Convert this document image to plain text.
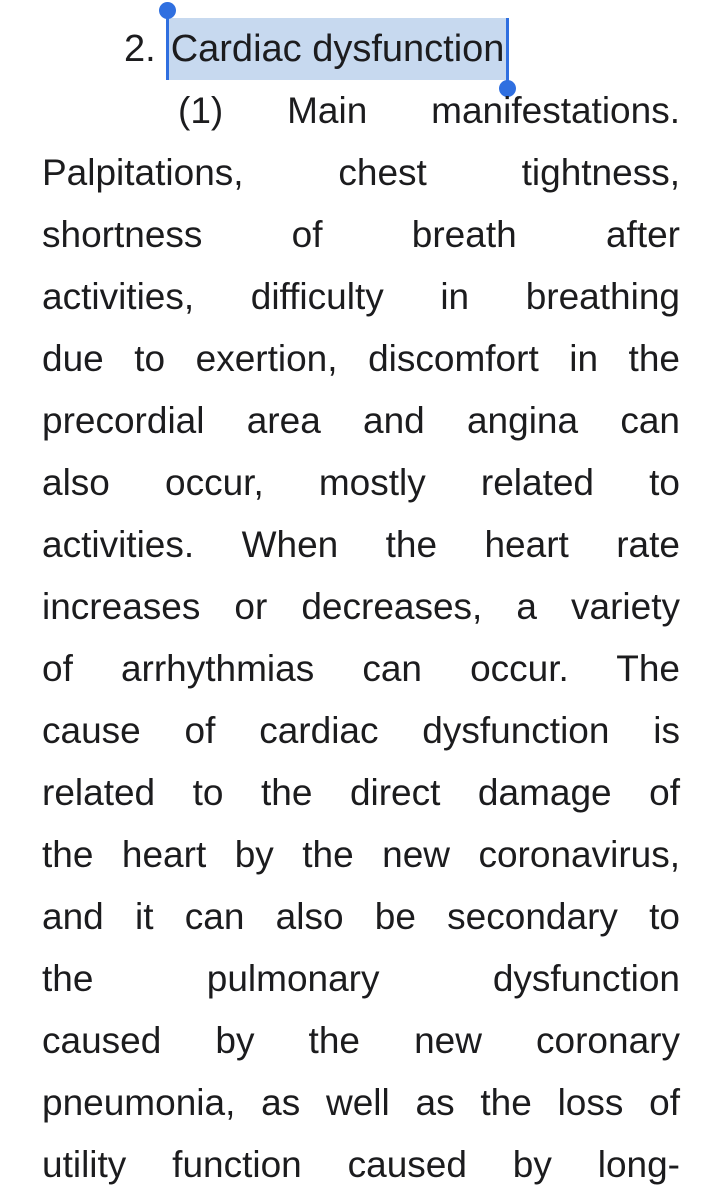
2. Cardiac dysfunction
(1) Main manifestations.
Palpitations, chest tightness,
shortness of breath after
activities, difficulty in breathing
due to exertion, discomfort in the
precordial area and angina can
also occur, mostly related to
activities. When the heart rate
increases or decreases, a variety
of arrhythmias can occur. The
cause of cardiac dysfunction is
related to the direct damage of
the heart by the new coronavirus,
and it can also be secondary to
the pulmonary dysfunction
caused by the new coronary
pneumonia, as well as the loss of
utility function caused by long-
